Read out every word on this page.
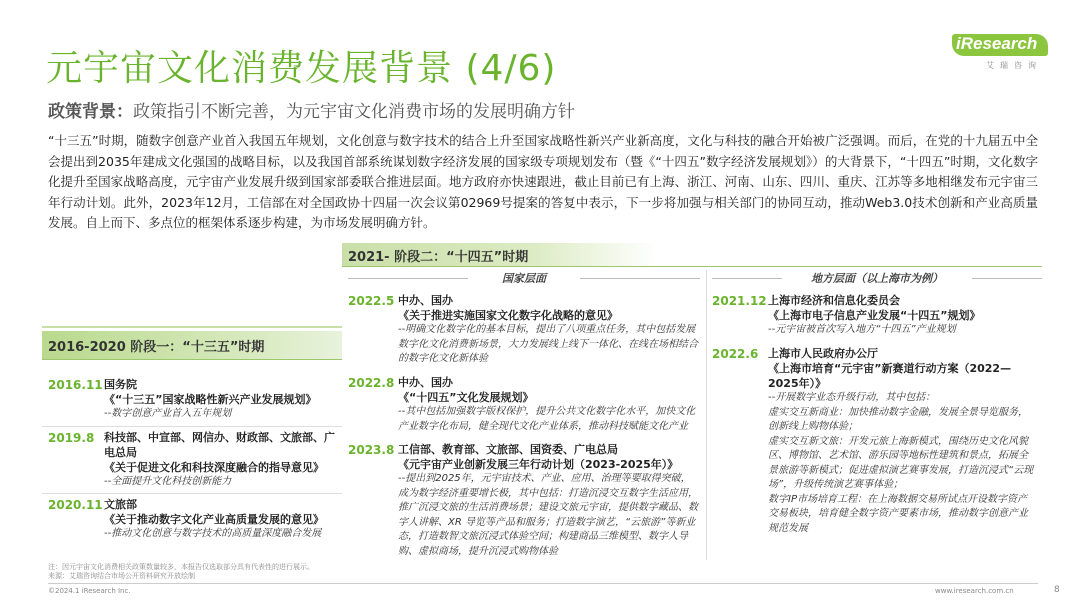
元宇宙文化消费发展背景 (4/6)
iResearch
艾瑞咨询
政策背景：政策指引不断完善，为元宇宙文化消费市场的发展明确方针
“十三五”时期，随数字创意产业首入我国五年规划，文化创意与数字技术的结合上升至国家战略性新兴产业新高度，文化与科技的融合开始被广泛强调。而后，在党的十九届五中全会提出到2035年建成文化强国的战略目标，以及我国首部系统谋划数字经济发展的国家级专项规划发布（暨《“十四五”数字经济发展规划》）的大背景下，“十四五”时期，文化数字化提升至国家战略高度，元宇宙产业发展升级到国家部委联合推进层面。地方政府亦快速跟进，截止目前已有上海、浙江、河南、山东、四川、重庆、江苏等多地相继发布元宇宙三年行动计划。此外，2023年12月，工信部在对全国政协十四届一次会议第02969号提案的答复中表示，下一步将加强与相关部门的协同互动，推动Web3.0技术创新和产业高质量发展。自上而下、多点位的框架体系逐步构建，为市场发展明确方针。
2021- 阶段二：“十四五”时期
国家层面	地方层面（以上海市为例）
2022.5 中办、国办
《关于推进实施国家文化数字化战略的意见》
--明确文化数字化的基本目标，提出了八项重点任务，其中包括发展数字化文化消费新场景，大力发展线上线下一体化、在线在场相结合的数字化文化新体验
2022.8 中办、国办
《“十四五”文化发展规划》
--其中包括加强数字版权保护，提升公共文化数字化水平，加快文化产业数字化布局，健全现代文化产业体系，推动科技赋能文化产业
2023.8 工信部、教育部、文旅部、国资委、广电总局
《元宇宙产业创新发展三年行动计划（2023-2025年）》
--提出到2025年，元宇宙技术、产业、应用、治理等要取得突破，成为数字经济重要增长极，其中包括：打造沉浸交互数字生活应用，推广沉浸文旅的生活消费场景；建设文旅元宇宙，提供数字藏品、数字人讲解、XR 导览等产品和服务；打造数字演艺，“云旅游”等新业态，打造数智文旅沉浸式体验空间；构建商品三维模型、数字人导购、虚拟商场，提升沉浸式购物体验
2021.12 上海市经济和信息化委员会
《上海市电子信息产业发展“十四五”规划》
--元宇宙被首次写入地方“十四五”产业规划
2022.6 上海市人民政府办公厅
《上海市培育“元宇宙”新赛道行动方案（2022—2025年）》
--开展数字业态升级行动，其中包括：
虚实交互新商业：加快推动数字金融，发展全景导览服务，创新线上购物体验；
虚实交互新文旅：开发元旅上海新模式，围绕历史文化风貌区、博物馆、艺术馆、游乐园等地标性建筑和景点，拓展全景旅游等新模式；促进虚拟演艺赛事发展，打造沉浸式“云现场”，升级传统演艺赛事体验；
数字IP市场培育工程：在上海数据交易所试点开设数字资产交易板块，培育健全数字资产要素市场，推动数字创意产业规范发展
2016-2020 阶段一：“十三五”时期
2016.11 国务院
《“十三五”国家战略性新兴产业发展规划》
--数字创意产业首入五年规划
2019.8 科技部、中宣部、网信办、财政部、文旅部、广电总局
《关于促进文化和科技深度融合的指导意见》
--全面提升文化科技创新能力
2020.11 文旅部
《关于推动数字文化产业高质量发展的意见》
--推动文化创意与数字技术的高质量深度融合发展
注：因元宇宙文化消费相关政策数量较多，本报告仅选取部分具有代表性的进行展示。
来源：艾瑞咨询结合市场公开资料研究开放绘制
©2024.1 iResearch Inc.	www.iresearch.com.cn	8
